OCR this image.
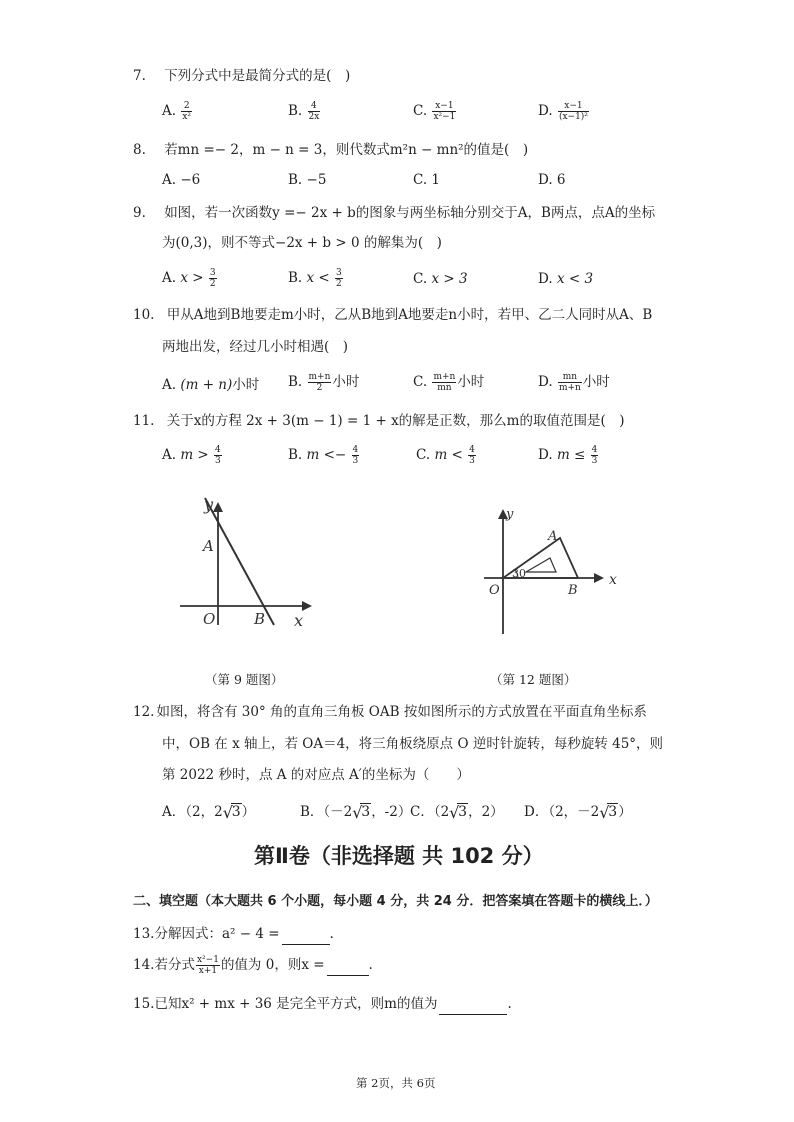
7. 下列分式中是最简分式的是(　)
A. $\frac{2}{\text{x²}}$	B. $\frac{4}{2x}$	C. $\frac{x-1}{\text{x²−1}}$	D. $\frac{x-1}{\text{(x−1)²}}$
8. 若mn =− 2，m − n = 3，则代数式m²n − mn²的值是(　)
A. −6	B. −5	C. 1	D. 6
9. 如图，若一次函数y =− 2x + b的图象与两坐标轴分别交于A，B两点，点A的坐标
为(0,3)，则不等式−2x + b > 0 的解集为(　)
A. $x > \frac{3}{2}$	B. $x < \frac{3}{2}$	C. x > 3	D. x < 3
10. 甲从A地到B地要走m小时，乙从B地到A地要走n小时，若甲、乙二人同时从A、B
两地出发，经过几小时相遇(　)
A. (m + n)小时 B. $\frac{m+n}{2}$ 小时	C. $\frac{m+n}{mn}$ 小时	D. $\frac{mn}{m+n}$ 小时
11. 关于x的方程 2x + 3(m − 1) = 1 + x的解是正数，那么m的取值范围是(　)
A. $m > \frac{4}{3}$	B. $m <- \frac{4}{3}$	C. $m < \frac{4}{3}$	D. $m \le \frac{4}{3}$
y
A
O	B x
（第 9 题图）
y
A
30
O	B
x
（第 12 题图）
12. 如图，将含有 30° 角的直角三角板 OAB 按如图所示的方式放置在平面直角坐标系
中，OB 在 x 轴上，若 OA＝4，将三角板绕原点 O 逆时针旋转，每秒旋转 45°，则
第 2022 秒时，点 A 的对应点 A′的坐标为（　　）
A．（2，2 √
3）	B．（－2 √
3，-2）
C．（2 √
3，2） D．（2，－2 √
3）
第Ⅱ卷（非选择题 共 102 分）
二、填空题（本大题共 6 个小题，每小题 4 分，共 24 分．把答案填在答题卡的横线上．）
13.分解因式：a² − 4 =	.
14.若分式 $\frac{\text{x²−1}}{x+1}$ 的值为 0，则x =	.
15.已知x² + mx + 36 是完全平方式，则m的值为	.
第 2页，共 6页
